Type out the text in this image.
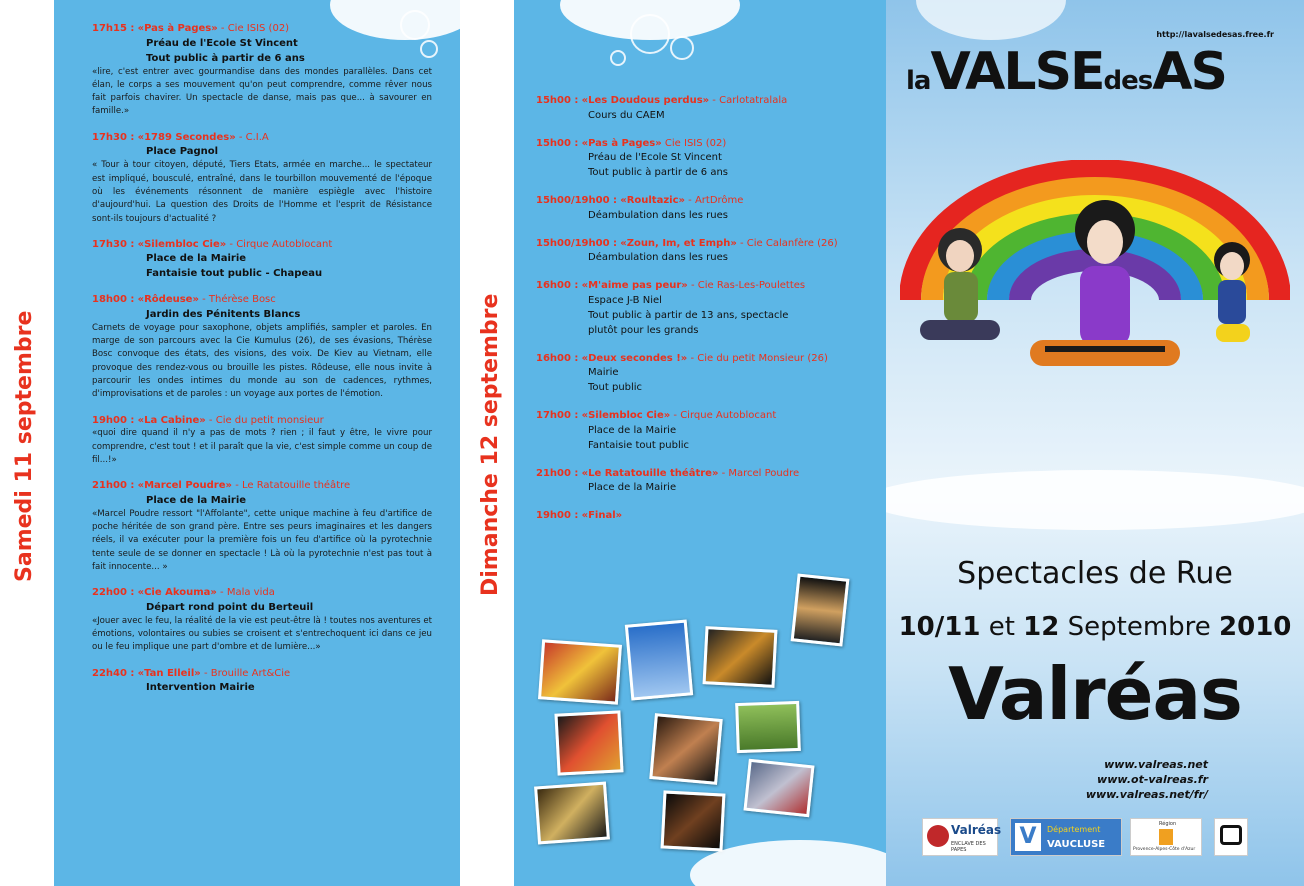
Samedi 11 septembre
17h15 : «Pas à Pages» - Cie ISIS (02)
Préau de l'Ecole St Vincent
Tout public à partir de 6 ans
«lire, c'est entrer avec gourmandise dans des mondes parallèles. Dans cet élan, le corps a ses mouvement qu'on peut comprendre, comme rêver nous fait parfois chavirer. Un spectacle de danse, mais pas que... à savourer en famille.»
17h30 : «1789 Secondes» - C.I.A
Place Pagnol
« Tour à tour citoyen, député, Tiers Etats, armée en marche... le spectateur est impliqué, bousculé, entraîné, dans le tourbillon mouvementé de l'époque où les événements résonnent de manière espiègle avec l'histoire d'aujourd'hui. La question des Droits de l'Homme et l'esprit de Résistance sont-ils toujours d'actualité ?
17h30 : «Silembloc Cie» - Cirque Autoblocant
Place de la Mairie
Fantaisie tout public - Chapeau
18h00 : «Rôdeuse» - Thérèse Bosc
Jardin des Pénitents Blancs
Carnets de voyage pour saxophone, objets amplifiés, sampler et paroles. En marge de son parcours avec la Cie Kumulus (26), de ses évasions, Thérèse Bosc convoque des états, des visions, des voix. De Kiev au Vietnam, elle provoque des rendez-vous ou brouille les pistes. Rôdeuse, elle nous invite à parcourir les ondes intimes du monde au son de cadences, rythmes, d'improvisations et de paroles : un voyage aux portes de l'émotion.
19h00 : «La Cabine» - Cie du petit monsieur
«quoi dire quand il n'y a pas de mots ? rien ; il faut y être, le vivre pour comprendre, c'est tout ! et il paraît que la vie, c'est simple comme un coup de fil...!»
21h00 : «Marcel Poudre» - Le Ratatouille théâtre
Place de la Mairie
«Marcel Poudre ressort "l'Affolante", cette unique machine à feu d'artifice de poche héritée de son grand père. Entre ses peurs imaginaires et les dangers réels, il va exécuter pour la première fois un feu d'artifice où la pyrotechnie tente seule de se donner en spectacle ! Là où la pyrotechnie n'est pas tout à fait innocente... »
22h00 : «Cie Akouma» - Mala vida
Départ rond point du Berteuil
«Jouer avec le feu, la réalité de la vie est peut-être là ! toutes nos aventures et émotions, volontaires ou subies se croisent et s'entrechoquent ici dans ce jeu ou le feu implique une part d'ombre et de lumière...»
22h40 : «Tan Elleil» - Brouille Art&Cie
Intervention Mairie
Dimanche 12 septembre
15h00 : «Les Doudous perdus» - Carlotatralala
Cours du CAEM
15h00 : «Pas à Pages» Cie ISIS (02)
Préau de l'Ecole St Vincent
Tout public à partir de 6 ans
15h00/19h00 : «Roultazic» - ArtDrôme
Déambulation dans les rues
15h00/19h00 : «Zoun, Im, et Emph» - Cie Calanfère (26)
Déambulation dans les rues
16h00 : «M'aime pas peur» - Cie Ras-Les-Poulettes
Espace J-B Niel
Tout public à partir de 13 ans, spectacle
plutôt pour les grands
16h00 : «Deux secondes !» - Cie du petit Monsieur (26)
Mairie
Tout public
17h00 : «Silembloc Cie» - Cirque Autoblocant
Place de la Mairie
Fantaisie tout public
21h00 : «Le Ratatouille théâtre» - Marcel Poudre
Place de la Mairie
19h00 : «Final»
http://lavalsedesas.free.fr
laVALSEdesAS
Spectacles de Rue
10/11 et 12 Septembre 2010
Valréas
www.valreas.net
www.ot-valreas.fr
www.valreas.net/fr/
Valréas
ENCLAVE DES PAPES
V	Département
VAUCLUSE
Région
Provence-Alpes-Côte d'Azur
